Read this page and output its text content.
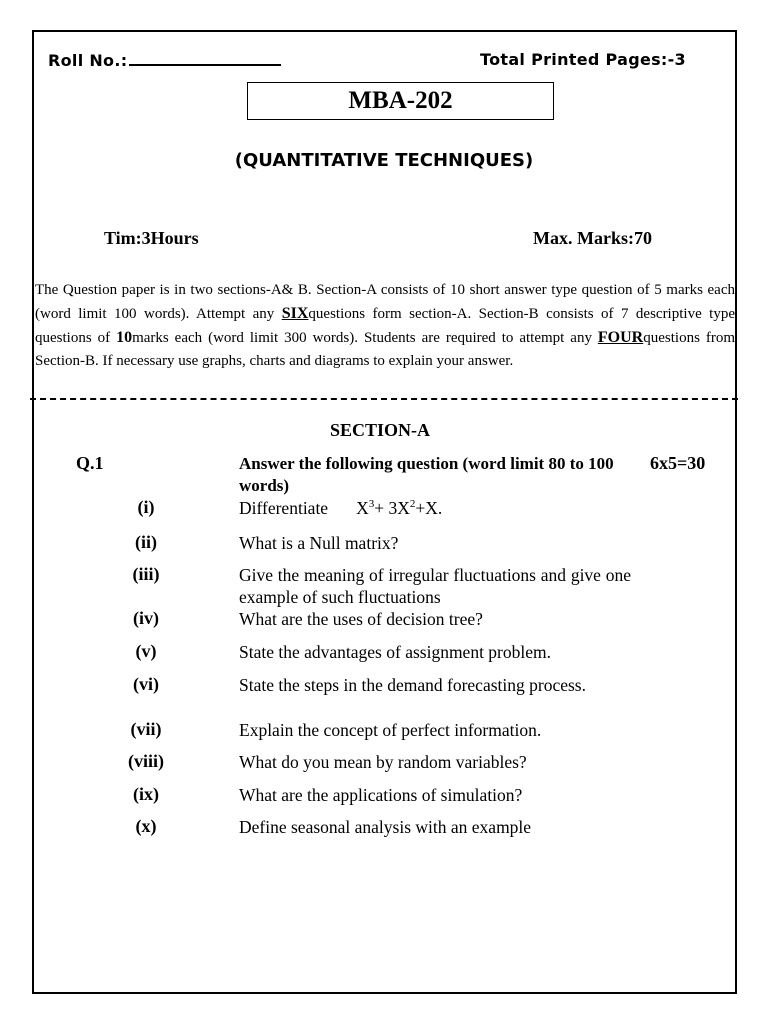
Roll No.:	Total Printed Pages:-3
MBA-202
(QUANTITATIVE TECHNIQUES)
Tim:3Hours	Max. Marks:70
The Question paper is in two sections-A& B. Section-A consists of 10 short answer type question of 5 marks each (word limit 100 words). Attempt any SIXquestions form section-A. Section-B consists of 7 descriptive type questions of 10marks each (word limit 300 words). Students are required to attempt any FOURquestions from Section-B. If necessary use graphs, charts and diagrams to explain your answer.
SECTION-A
Q.1	Answer the following question (word limit 80 to 100 words)
6x5=30
(i)	Differentiate $X^3+ 3X^2+X$.
(ii)	What is a Null matrix?
(iii)	Give the meaning of irregular fluctuations and give one example of such fluctuations
(iv)	What are the uses of decision tree?
(v)	State the advantages of assignment problem.
(vi)	State the steps in the demand forecasting process.
(vii)	Explain the concept of perfect information.
(viii)	What do you mean by random variables?
(ix)	What are the applications of simulation?
(x)	Define seasonal analysis with an example
